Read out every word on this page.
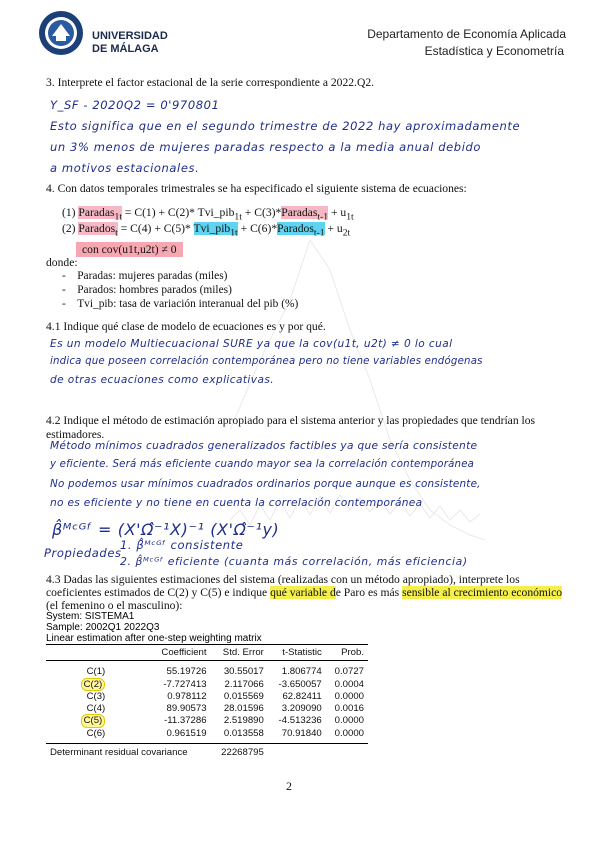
UNIVERSIDAD
DE MÁLAGA
Departamento de Economía Aplicada
Estadística y Econometría
3. Interprete el factor estacional de la serie correspondiente a 2022.Q2.
Y_SF - 2020Q2 = 0'970801
Esto significa que en el segundo trimestre de 2022 hay aproximadamente
un 3% menos de mujeres paradas respecto a la media anual debido
a motivos estacionales.
4. Con datos temporales trimestrales se ha especificado el siguiente sistema de ecuaciones:
(1) Paradas$_{1t}$ = C(1) + C(2)* Tvi_pib$_{1t}$ + C(3)*Paradas$_{t-1}$ + $u_{1t}$
(2) Parados$_t$ = C(4) + C(5)* Tvi_pib$_{1t}$ + C(6)*Parados$_{t-1}$ + $u_{2t}$
con cov(u1t,u2t) ≠ 0
donde:
-    Paradas: mujeres paradas (miles)
-    Parados: hombres parados (miles)
-    Tvi_pib: tasa de variación interanual del pib (%)
4.1 Indique qué clase de modelo de ecuaciones es y por qué.
Es un modelo Multiecuacional SURE ya que la cov(u1t, u2t) ≠ 0 lo cual
indica que poseen correlación contemporánea pero no tiene variables endógenas
de otras ecuaciones como explicativas.
4.2 Indique el método de estimación apropiado para el sistema anterior y las propiedades que tendrían los estimadores.
Método mínimos cuadrados generalizados factibles ya que sería consistente
y eficiente. Será más eficiente cuando mayor sea la correlación contemporánea
No podemos usar mínimos cuadrados ordinarios porque aunque es consistente,
no es eficiente y no tiene en cuenta la correlación contemporánea
β̂ᴹᶜᴳᶠ = (X'Ω̂⁻¹X)⁻¹ (X'Ω̂⁻¹y)
Propiedades
1. β̂ᴹᶜᴳᶠ consistente
2. β̂ᴹᶜᴳᶠ eficiente (cuanta más correlación, más eficiencia)
4.3 Dadas las siguientes estimaciones del sistema (realizadas con un método apropiado), interprete los
coeficientes estimados de C(2) y C(5) e indique qué variable de Paro es más sensible al crecimiento económico
(el femenino o el masculino):
System: SISTEMA1
Sample: 2002Q1 2022Q3
Linear estimation after one-step weighting matrix
	Coefficient	Std. Error	t-Statistic	Prob.
C(1)	55.19726	30.55017	1.806774	0.0727
C(2)	-7.727413	2.117066	-3.650057	0.0004
C(3)	0.978112	0.015569	62.82411	0.0000
C(4)	89.90573	28.01596	3.209090	0.0016
C(5)	-11.37286	2.519890	-4.513236	0.0000
C(6)	0.961519	0.013558	70.91840	0.0000
Determinant residual covariance		22268795		
2
